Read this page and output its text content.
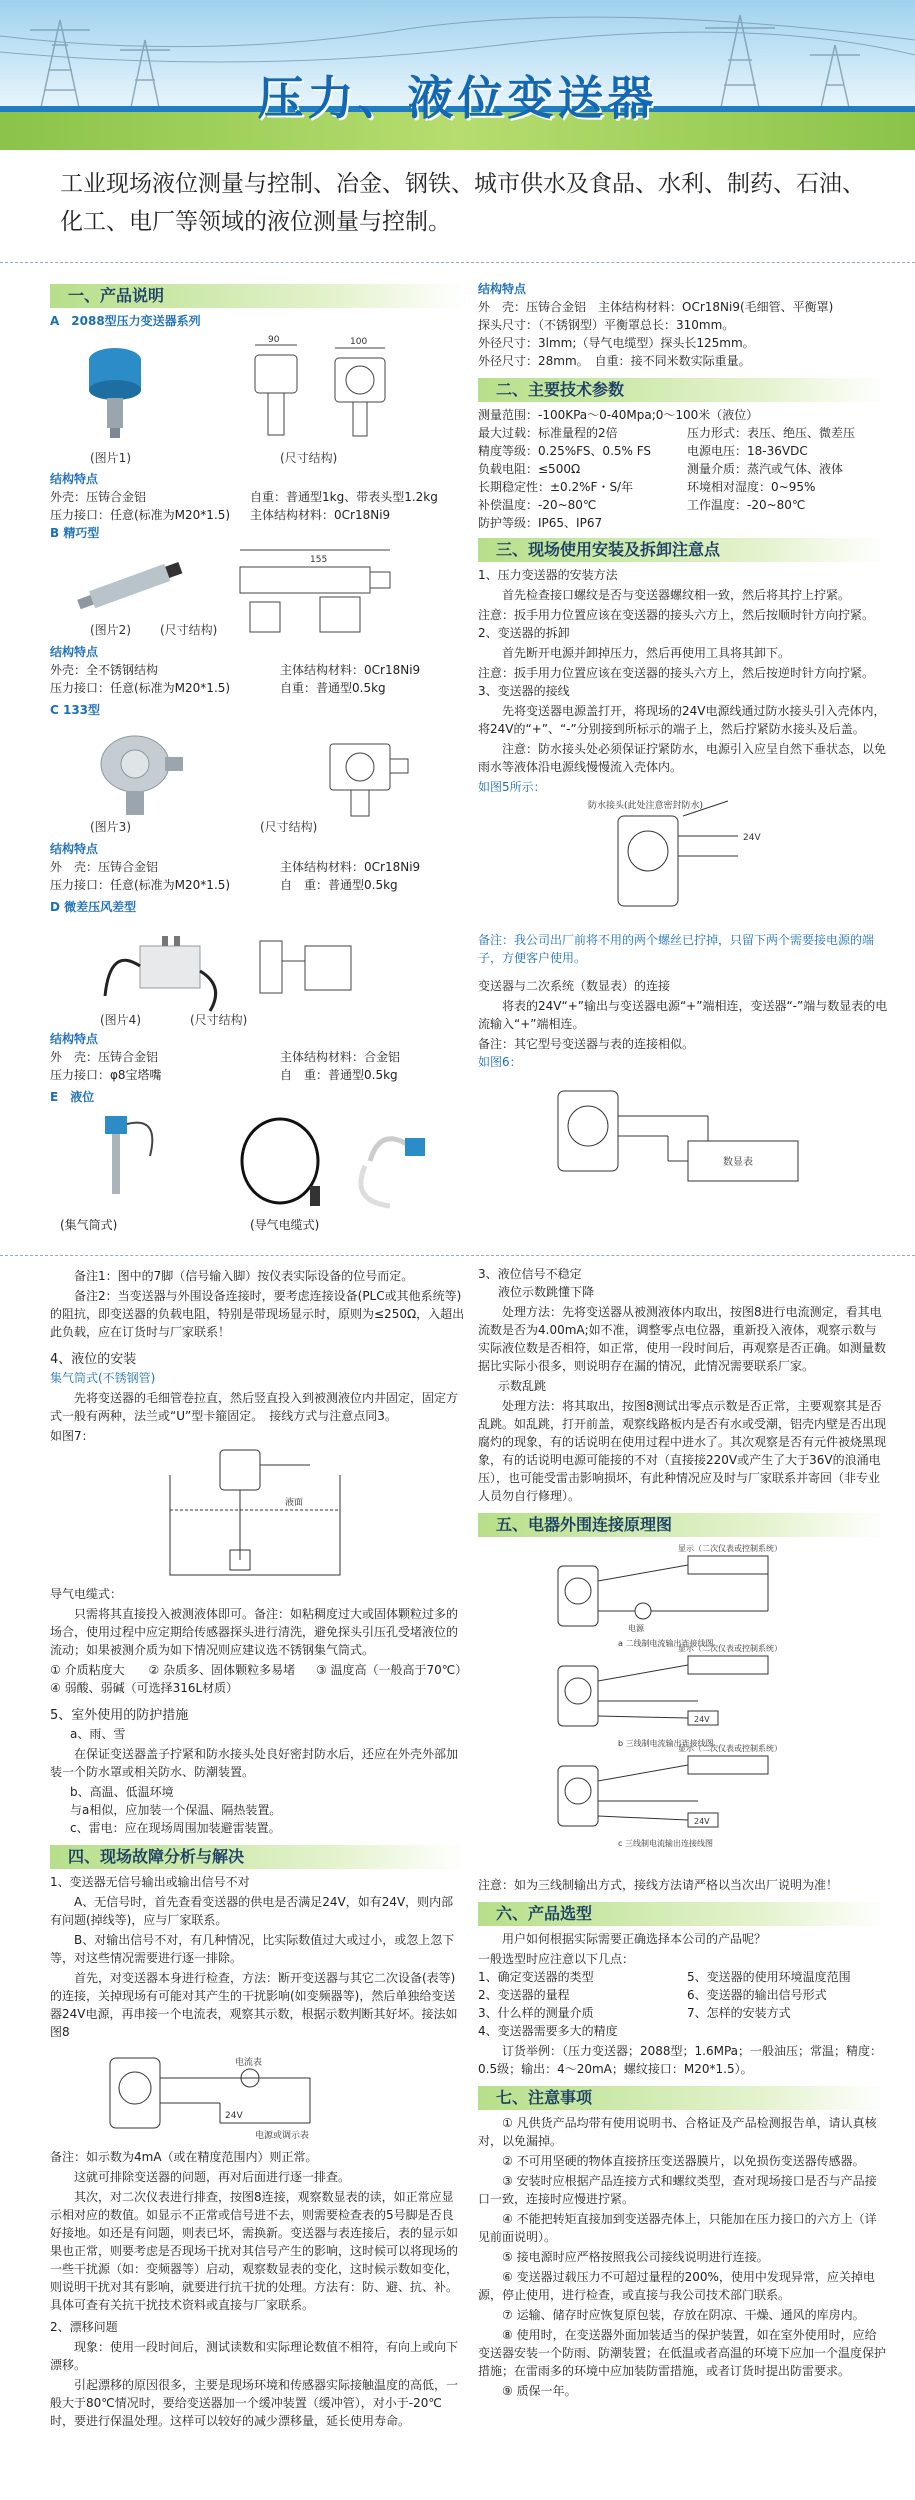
压力、液位变送器
工业现场液位测量与控制、冶金、钢铁、城市供水及食品、水利、制药、石油、化工、电厂等领域的液位测量与控制。
一、产品说明
A　2088型压力变送器系列
90	100
(图片1)	(尺寸结构)
结构特点
外壳：压铸合金铝	自重：普通型1kg、带表头型1.2kg
压力接口：任意(标准为M20*1.5)	主体结构材料：0Cr18Ni9
B 精巧型
155
(图片2) (尺寸结构)
结构特点
外壳：全不锈钢结构	主体结构材料：0Cr18Ni9
压力接口：任意(标准为M20*1.5)	自重：普通型0.5kg
C 133型
(图片3)	(尺寸结构)
结构特点
外　壳：压铸合金铝	主体结构材料：0Cr18Ni9
压力接口：任意(标准为M20*1.5)	自　重：普通型0.5kg
D 微差压风差型
(图片4)	(尺寸结构)
结构特点
外　壳：压铸合金铝	主体结构材料：合金铝
压力接口：φ8宝塔嘴	自　重：普通型0.5kg
E　液位
(集气筒式)	(导气电缆式)
结构特点
外　壳：压铸合金铝 主体结构材料：OCr18Ni9(毛细管、平衡罩)
探头尺寸：（不锈钢型）平衡罩总长：310mm。
外径尺寸：3lmm;（导气电缆型）探头长125mm。
外径尺寸：28mm。　自重：接不同米数实际重量。
二、主要技术参数
测量范围：-100KPa～0-40Mpa;0～100米（液位）
最大过载：标准量程的2倍	压力形式：表压、绝压、微差压
精度等级：0.25%FS、0.5% FS	电源电压：18-36VDC
负载电阻：≤500Ω	测量介质：蒸汽或气体、液体
长期稳定性：±0.2%F・S/年	环境相对湿度：0~95%
补偿温度：-20~80℃	工作温度：-20~80℃
防护等级：IP65、IP67
三、现场使用安装及拆卸注意点
1、压力变送器的安装方法
首先检查接口螺纹是否与变送器螺纹相一致，然后将其拧上拧紧。
注意：扳手用力位置应该在变送器的接头六方上，然后按顺时针方向拧紧。
2、变送器的拆卸
首先断开电源并卸掉压力，然后再使用工具将其卸下。
注意：扳手用力位置应该在变送器的接头六方上，然后按逆时针方向拧紧。
3、变送器的接线
先将变送器电源盖打开，将现场的24V电源线通过防水接头引入壳体内，将24V的“+”、“-”分别接到所标示的端子上，然后拧紧防水接头及后盖。
注意：防水接头处必须保证拧紧防水，电源引入应呈自然下垂状态，以免雨水等液体沿电源线慢慢流入壳体内。
如图5所示：
防水接头(此处注意密封防水)
24V
备注：我公司出厂前将不用的两个螺丝已拧掉，只留下两个需要接电源的端子，方便客户使用。
变送器与二次系统（数显表）的连接
将表的24V“+”输出与变送器电源“+”端相连，变送器“-”端与数显表的电流输入“+”端相连。
备注：其它型号变送器与表的连接相似。
如图6：
数显表
备注1：图中的7脚（信号输入脚）按仪表实际设备的位号而定。
备注2：当变送器与外围设备连接时，要考虑连接设备(PLC或其他系统等)的阻抗，即变送器的负载电阻，特别是带现场显示时，原则为≤250Ω，入超出此负载，应在订货时与厂家联系！
4、液位的安装
集气筒式(不锈钢管)
先将变送器的毛细管卷拉直，然后竖直投入到被测液位内井固定，固定方式一般有两种，法兰或“U”型卡箍固定。　接线方式与注意点同3。
如图7：
液面
导气电缆式：
只需将其直接投入被测液体即可。备注：如粘稠度过大或固体颗粒过多的场合，使用过程中应定期给传感器探头进行清洗，避免探头引压孔受堵液位的流动；如果被测介质为如下情况则应建议选不锈钢集气筒式。
① 介质粘度大	② 杂质多、固体颗粒多易堵	③ 温度高（一般高于70℃）
④ 弱酸、弱碱（可选择316L材质）
5、室外使用的防护措施
a、雨、雪
在保证变送器盖子拧紧和防水接头处良好密封防水后，还应在外壳外部加装一个防水罩或相关防水、防潮装置。
b、高温、低温环境
与a相似，应加装一个保温、隔热装置。
c、雷电：应在现场周围加装避雷装置。
四、现场故障分析与解决
1、变送器无信号输出或输出信号不对
A、无信号时，首先查看变送器的供电是否满足24V，如有24V，则内部有问题(掉线等)，应与厂家联系。
B、对输出信号不对，有几种情况，比实际数值过大或过小，或忽上忽下等，对这些情况需要进行逐一排除。
首先，对变送器本身进行检查，方法：断开变送器与其它二次设备(表等)的连接，关掉现场有可能对其产生的干扰影响(如变频器等)，然后单独给变送器24V电源，再串接一个电流表，观察其示数，根据示数判断其好坏。接法如图8
电流表
24V
电源或调示表
备注：如示数为4mA（或在精度范围内）则正常。
这就可排除变送器的问题，再对后面进行逐一排查。
其次，对二次仪表进行排查，按图8连接，观察数显表的读，如正常应显示相对应的数值。如显示不正常或信号进不去，则需要检查表的5号脚是否良好接地。如还是有问题，则表已坏，需换新。变送器与表连接后，表的显示如果也正常，则要考虑是否现场干扰对其信号产生的影响，这时候可以将现场的一些干扰源（如：变频器等）启动，观察数显表的变化，这时候示数如变化，则说明干扰对其有影响，就要进行抗干扰的处理。方法有：防、避、抗、补。具体可查有关抗干扰技术资料或直接与厂家联系。
2、漂移问题
现象：使用一段时间后，测试读数和实际理论数值不相符，有向上或向下漂移。
引起漂移的原因很多，主要是现场环境和传感器实际接触温度的高低，一般大于80℃情况时，要给变送器加一个缓冲装置（缓冲管），对小于-20℃时，要进行保温处理。这样可以较好的减少漂移量，延长使用寿命。
3、液位信号不稳定
液位示数跳懂下降
处理方法：先将变送器从被测液体内取出，按图8进行电流测定，看其电流数是否为4.00mA;如不准，调整零点电位器，重新投入液体，观察示数与实际液位数是否相符，如正常，使用一段时间后，再观察是否正确。如测量数据比实际小很多，则说明存在漏的情况，此情况需要联系厂家。
示数乱跳
处理方法：将其取出，按图8测试出零点示数是否正常，主要观察其是否乱跳。如乱跳，打开前盖，观察线路板内是否有水或受潮，铝壳内壁是否出现腐灼的现象，有的话说明在使用过程中进水了。其次观察是否有元件被烧黑现象，有的话说明电源可能接的不对（直接接220V或产生了大于36V的浪涌电压），也可能受雷击影响损坏，有此种情况应及时与厂家联系并寄回（非专业人员勿自行修理）。
五、电器外围连接原理图
显示（二次仪表或控制系统）
电源
a 二线制电流输出连接线图
显示（二次仪表或控制系统）
24V
b 三线制电流输出连接线图
显示（二次仪表或控制系统）
24V
c 三线制电流输出连接线图
注意：如为三线制输出方式，接线方法请严格以当次出厂说明为准！
六、产品选型
用户如何根据实际需要正确选择本公司的产品呢？
一般选型时应注意以下几点：
1、确定变送器的类型	5、变送器的使用环境温度范围
2、变送器的量程	6、变送器的输出信号形式
3、什么样的测量介质	7、怎样的安装方式
4、变送器需要多大的精度
订货举例：（压力变送器；2088型；1.6MPa；一般油压；常温；精度：0.5级；输出：4～20mA；螺纹接口：M20*1.5）。
七、注意事项
① 凡供货产品均带有使用说明书、合格证及产品检测报告单，请认真核对，以免漏掉。
② 不可用坚硬的物体直接挤压变送器膜片，以免损伤变送器传感器。
③ 安装时应根据产品连接方式和螺纹类型，查对现场接口是否与产品接口一致，连接时应慢进拧紧。
④ 不能把转矩直接加到变送器壳体上，只能加在压力接口的六方上（详见前面说明）。
⑤ 接电源时应严格按照我公司接线说明进行连接。
⑥ 变送器过载压力不可超过量程的200%，使用中发现异常，应关掉电源，停止使用，进行检查，或直接与我公司技术部门联系。
⑦ 运输、储存时应恢复原包装，存放在阴凉、干燥、通风的库房内。
⑧ 使用时，在变送器外面加装适当的保护装置，如在室外使用时，应给变送器安装一个防雨、防潮装置；在低温或者高温的环境下应加一个温度保护措施；在雷雨多的环境中应加装防雷措施，或者订货时提出防雷要求。
⑨ 质保一年。
